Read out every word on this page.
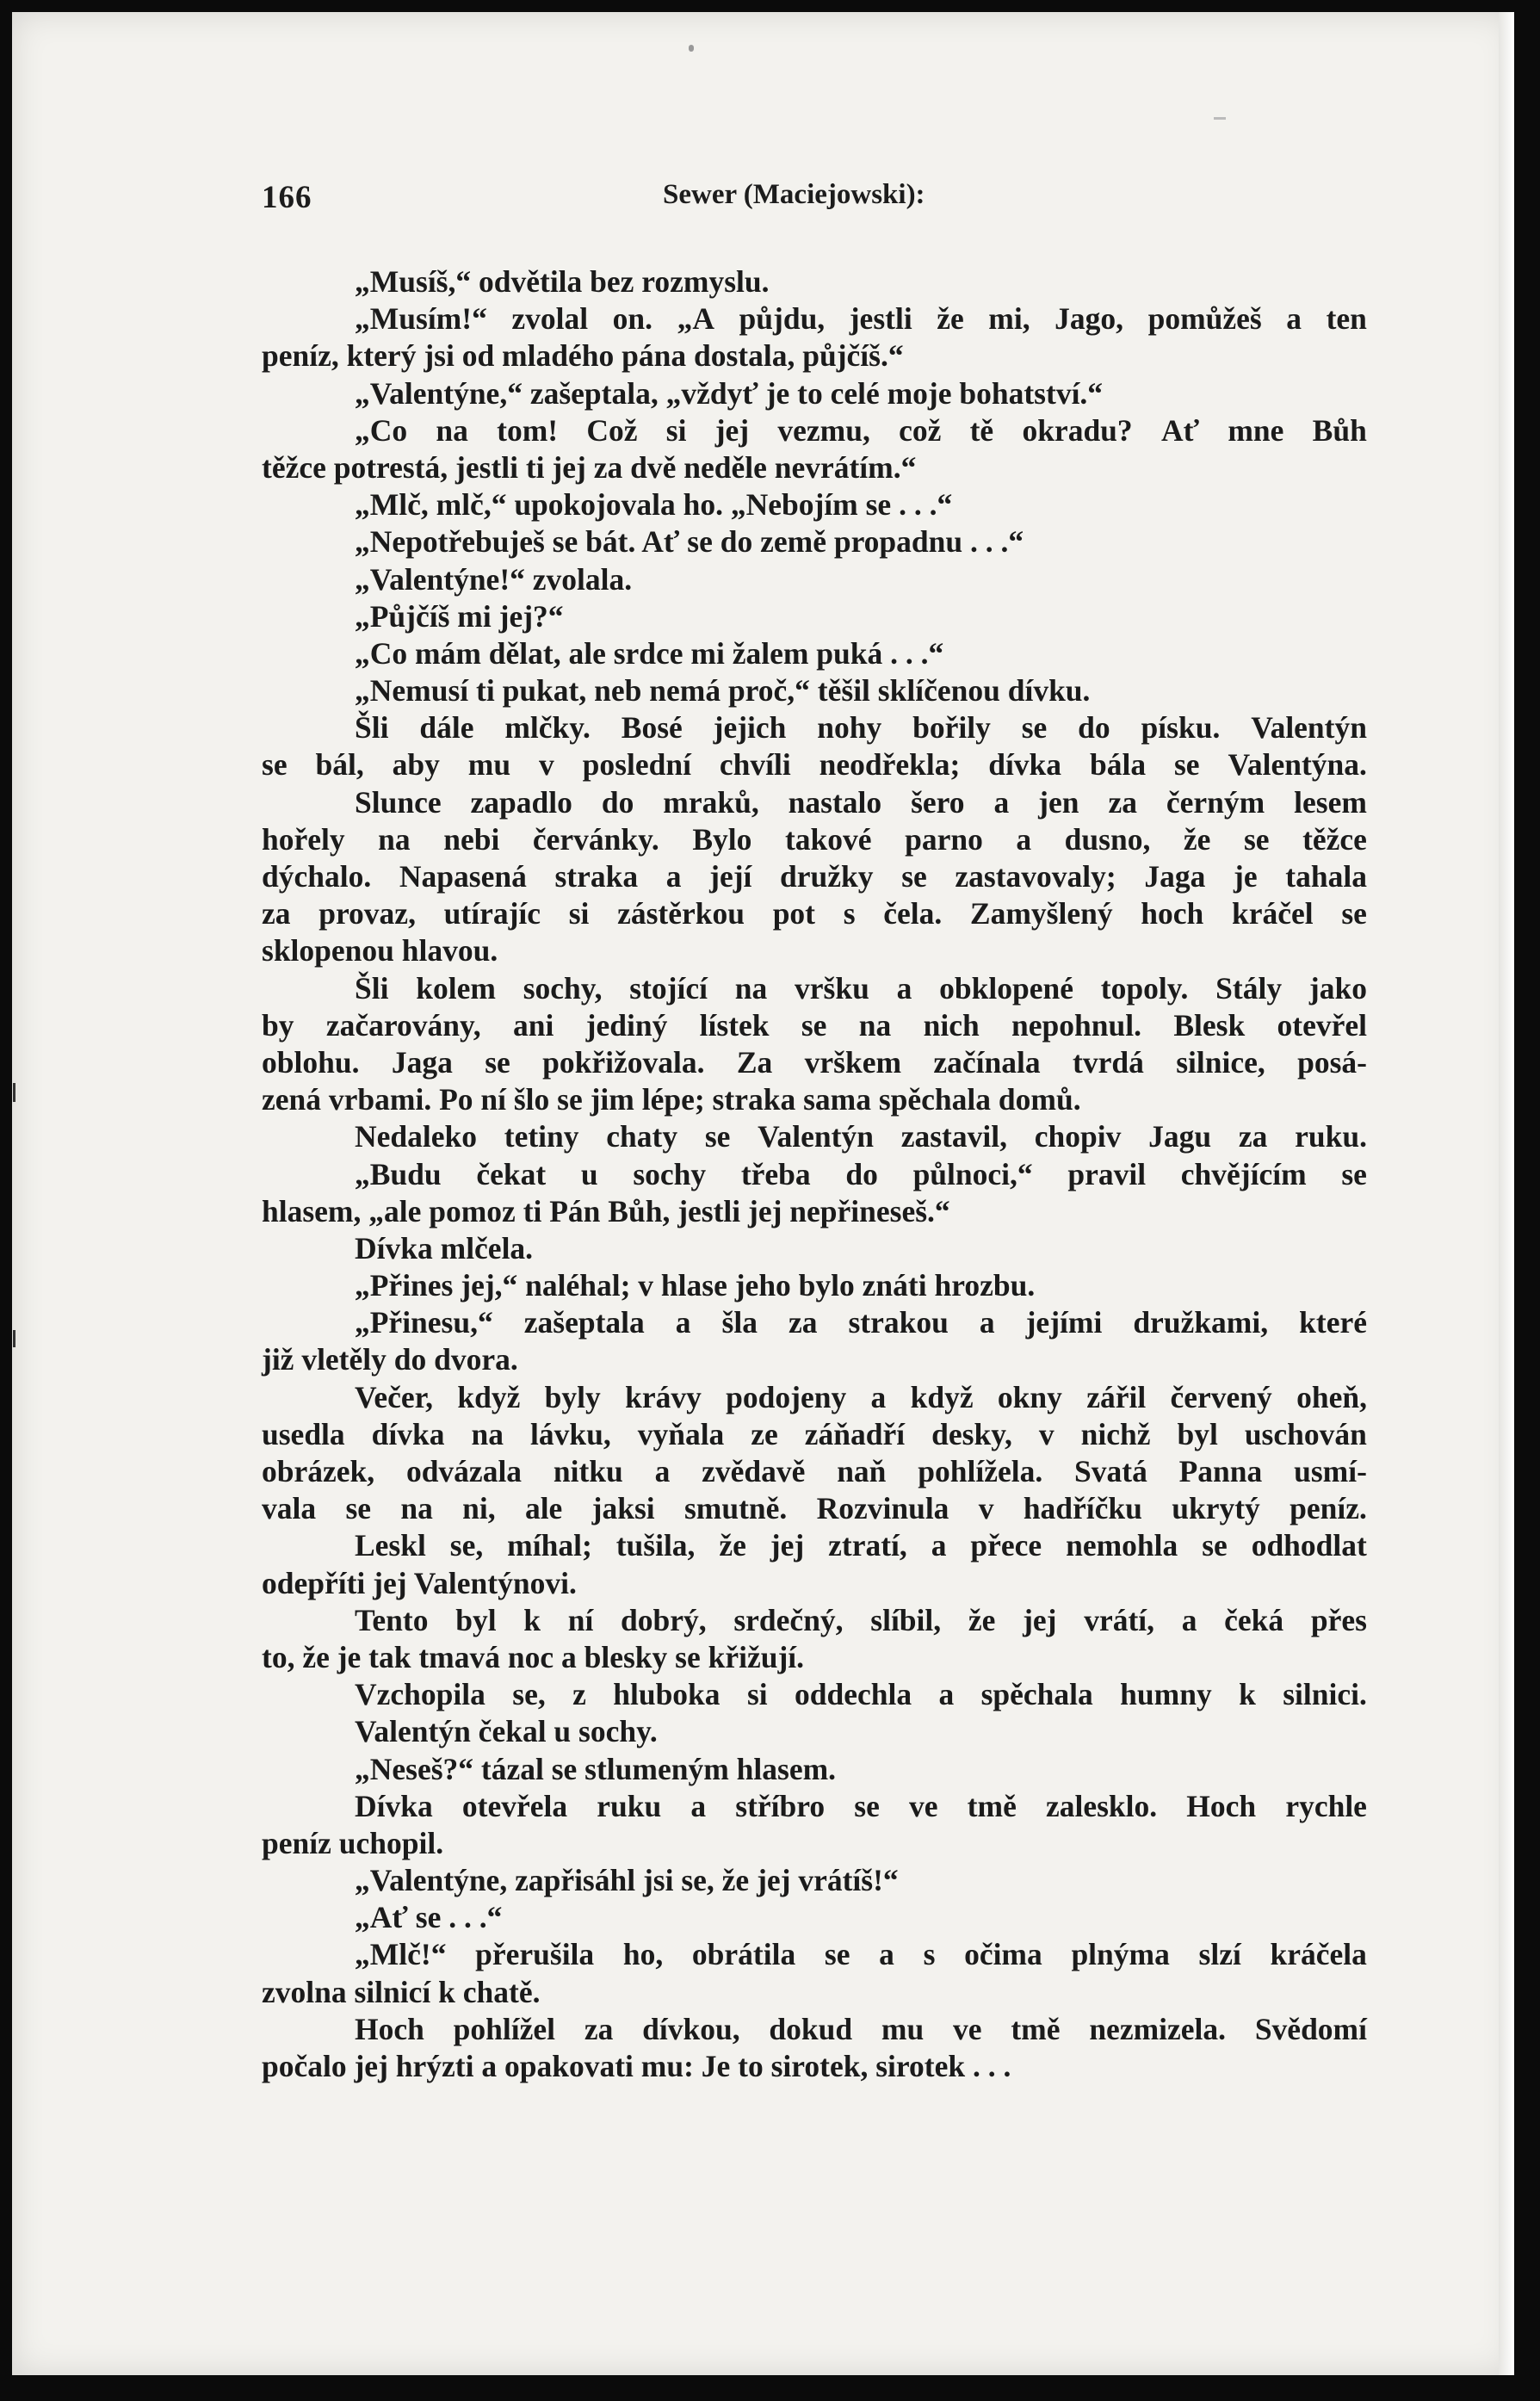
166	Sewer (Maciejowski):
„Musíš,“ odvětila bez rozmyslu.
„Musím!“ zvolal on. „A půjdu, jestli že mi, Jago, pomůžeš a ten
peníz, který jsi od mladého pána dostala, půjčíš.“
„Valentýne,“ zašeptala, „vždyť je to celé moje bohatství.“
„Co na tom! Což si jej vezmu, což tě okradu? Ať mne Bůh
těžce potrestá, jestli ti jej za dvě neděle nevrátím.“
„Mlč, mlč,“ upokojovala ho. „Nebojím se . . .“
„Nepotřebuješ se bát. Ať se do země propadnu . . .“
„Valentýne!“ zvolala.
„Půjčíš mi jej?“
„Co mám dělat, ale srdce mi žalem puká . . .“
„Nemusí ti pukat, neb nemá proč,“ těšil sklíčenou dívku.
Šli dále mlčky. Bosé jejich nohy bořily se do písku. Valentýn
se bál, aby mu v poslední chvíli neodřekla; dívka bála se Valentýna.
Slunce zapadlo do mraků, nastalo šero a jen za černým lesem
hořely na nebi červánky. Bylo takové parno a dusno, že se těžce
dýchalo. Napasená straka a její družky se zastavovaly; Jaga je tahala
za provaz, utírajíc si zástěrkou pot s čela. Zamyšlený hoch kráčel se
sklopenou hlavou.
Šli kolem sochy, stojící na vršku a obklopené topoly. Stály jako
by začarovány, ani jediný lístek se na nich nepohnul. Blesk otevřel
oblohu. Jaga se pokřižovala. Za vrškem začínala tvrdá silnice, posá-
zená vrbami. Po ní šlo se jim lépe; straka sama spěchala domů.
Nedaleko tetiny chaty se Valentýn zastavil, chopiv Jagu za ruku.
„Budu čekat u sochy třeba do půlnoci,“ pravil chvějícím se
hlasem, „ale pomoz ti Pán Bůh, jestli jej nepřineseš.“
Dívka mlčela.
„Přines jej,“ naléhal; v hlase jeho bylo znáti hrozbu.
„Přinesu,“ zašeptala a šla za strakou a jejími družkami, které
již vletěly do dvora.
Večer, když byly krávy podojeny a když okny zářil červený oheň,
usedla dívka na lávku, vyňala ze záňadří desky, v nichž byl uschován
obrázek, odvázala nitku a zvědavě naň pohlížela. Svatá Panna usmí-
vala se na ni, ale jaksi smutně. Rozvinula v hadříčku ukrytý peníz.
Leskl se, míhal; tušila, že jej ztratí, a přece nemohla se odhodlat
odepříti jej Valentýnovi.
Tento byl k ní dobrý, srdečný, slíbil, že jej vrátí, a čeká přes
to, že je tak tmavá noc a blesky se křižují.
Vzchopila se, z hluboka si oddechla a spěchala humny k silnici.
Valentýn čekal u sochy.
„Neseš?“ tázal se stlumeným hlasem.
Dívka otevřela ruku a stříbro se ve tmě zalesklo. Hoch rychle
peníz uchopil.
„Valentýne, zapřisáhl jsi se, že jej vrátíš!“
„Ať se . . .“
„Mlč!“ přerušila ho, obrátila se a s očima plnýma slzí kráčela
zvolna silnicí k chatě.
Hoch pohlížel za dívkou, dokud mu ve tmě nezmizela. Svědomí
počalo jej hrýzti a opakovati mu: Je to sirotek, sirotek . . .
